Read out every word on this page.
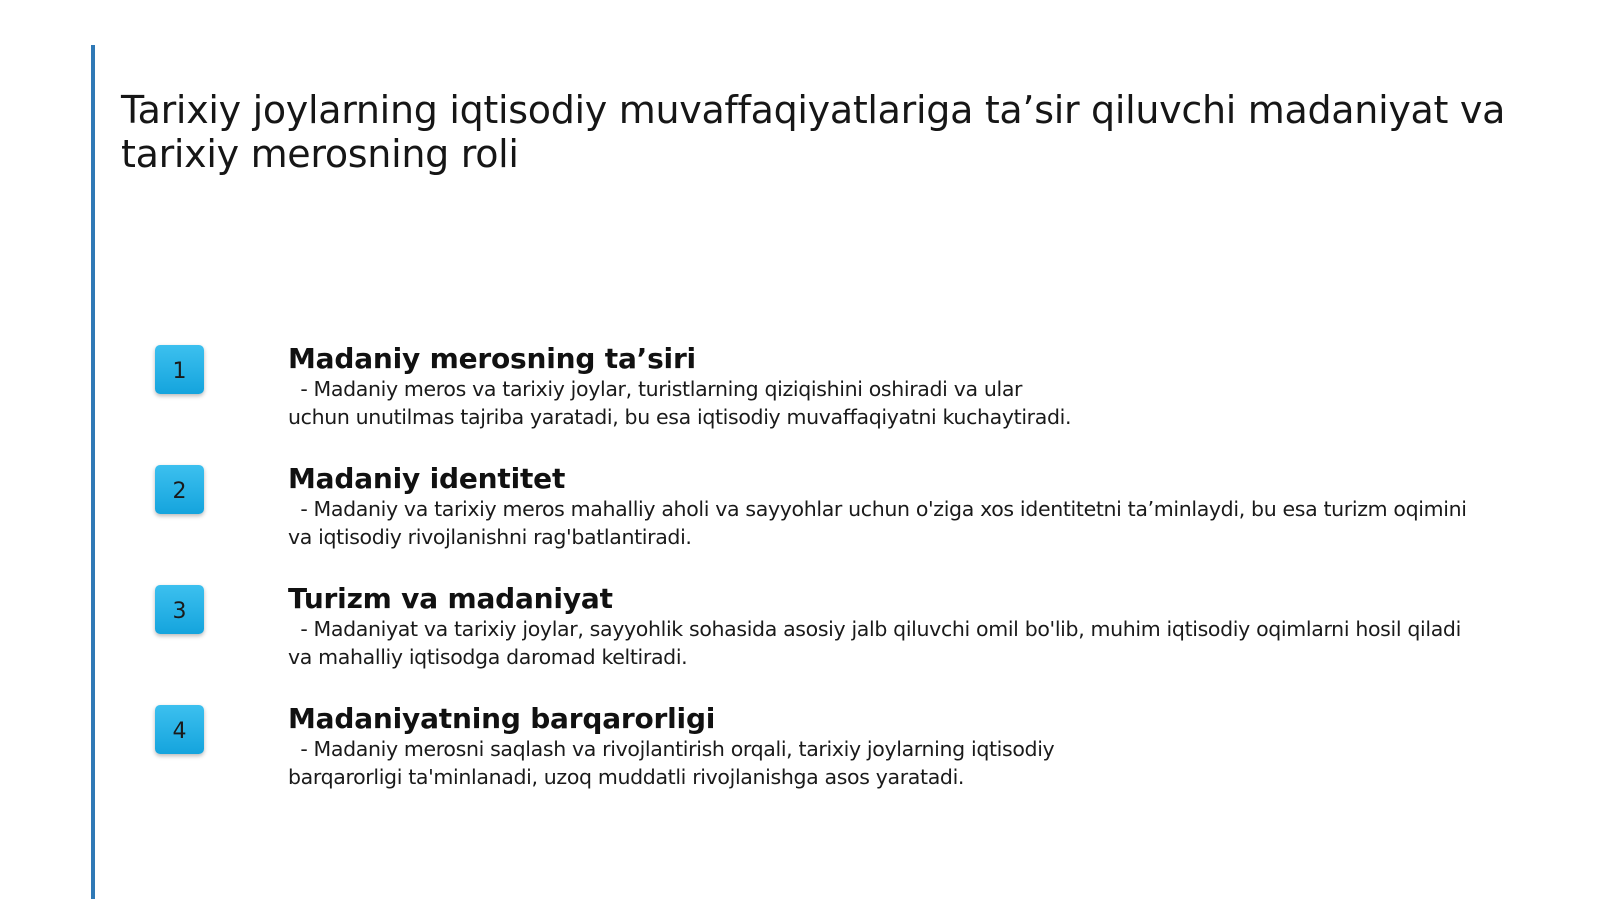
Tarixiy joylarning iqtisodiy muvaffaqiyatlariga ta’sir qiluvchi madaniyat va tarixiy merosning roli
1	Madaniy merosning ta’siri

- Madaniy meros va tarixiy joylar, turistlarning qiziqishini oshiradi va ular uchun unutilmas tajriba yaratadi, bu esa iqtisodiy muvaffaqiyatni kuchaytiradi.

2	Madaniy identitet

- Madaniy va tarixiy meros mahalliy aholi va sayyohlar uchun o'ziga xos identitetni ta’minlaydi, bu esa turizm oqimini va iqtisodiy rivojlanishni rag'batlantiradi.

3	Turizm va madaniyat

- Madaniyat va tarixiy joylar, sayyohlik sohasida asosiy jalb qiluvchi omil bo'lib, muhim iqtisodiy oqimlarni hosil qiladi va mahalliy iqtisodga daromad keltiradi.

4	Madaniyatning barqarorligi

- Madaniy merosni saqlash va rivojlantirish orqali, tarixiy joylarning iqtisodiy barqarorligi ta'minlanadi, uzoq muddatli rivojlanishga asos yaratadi.
